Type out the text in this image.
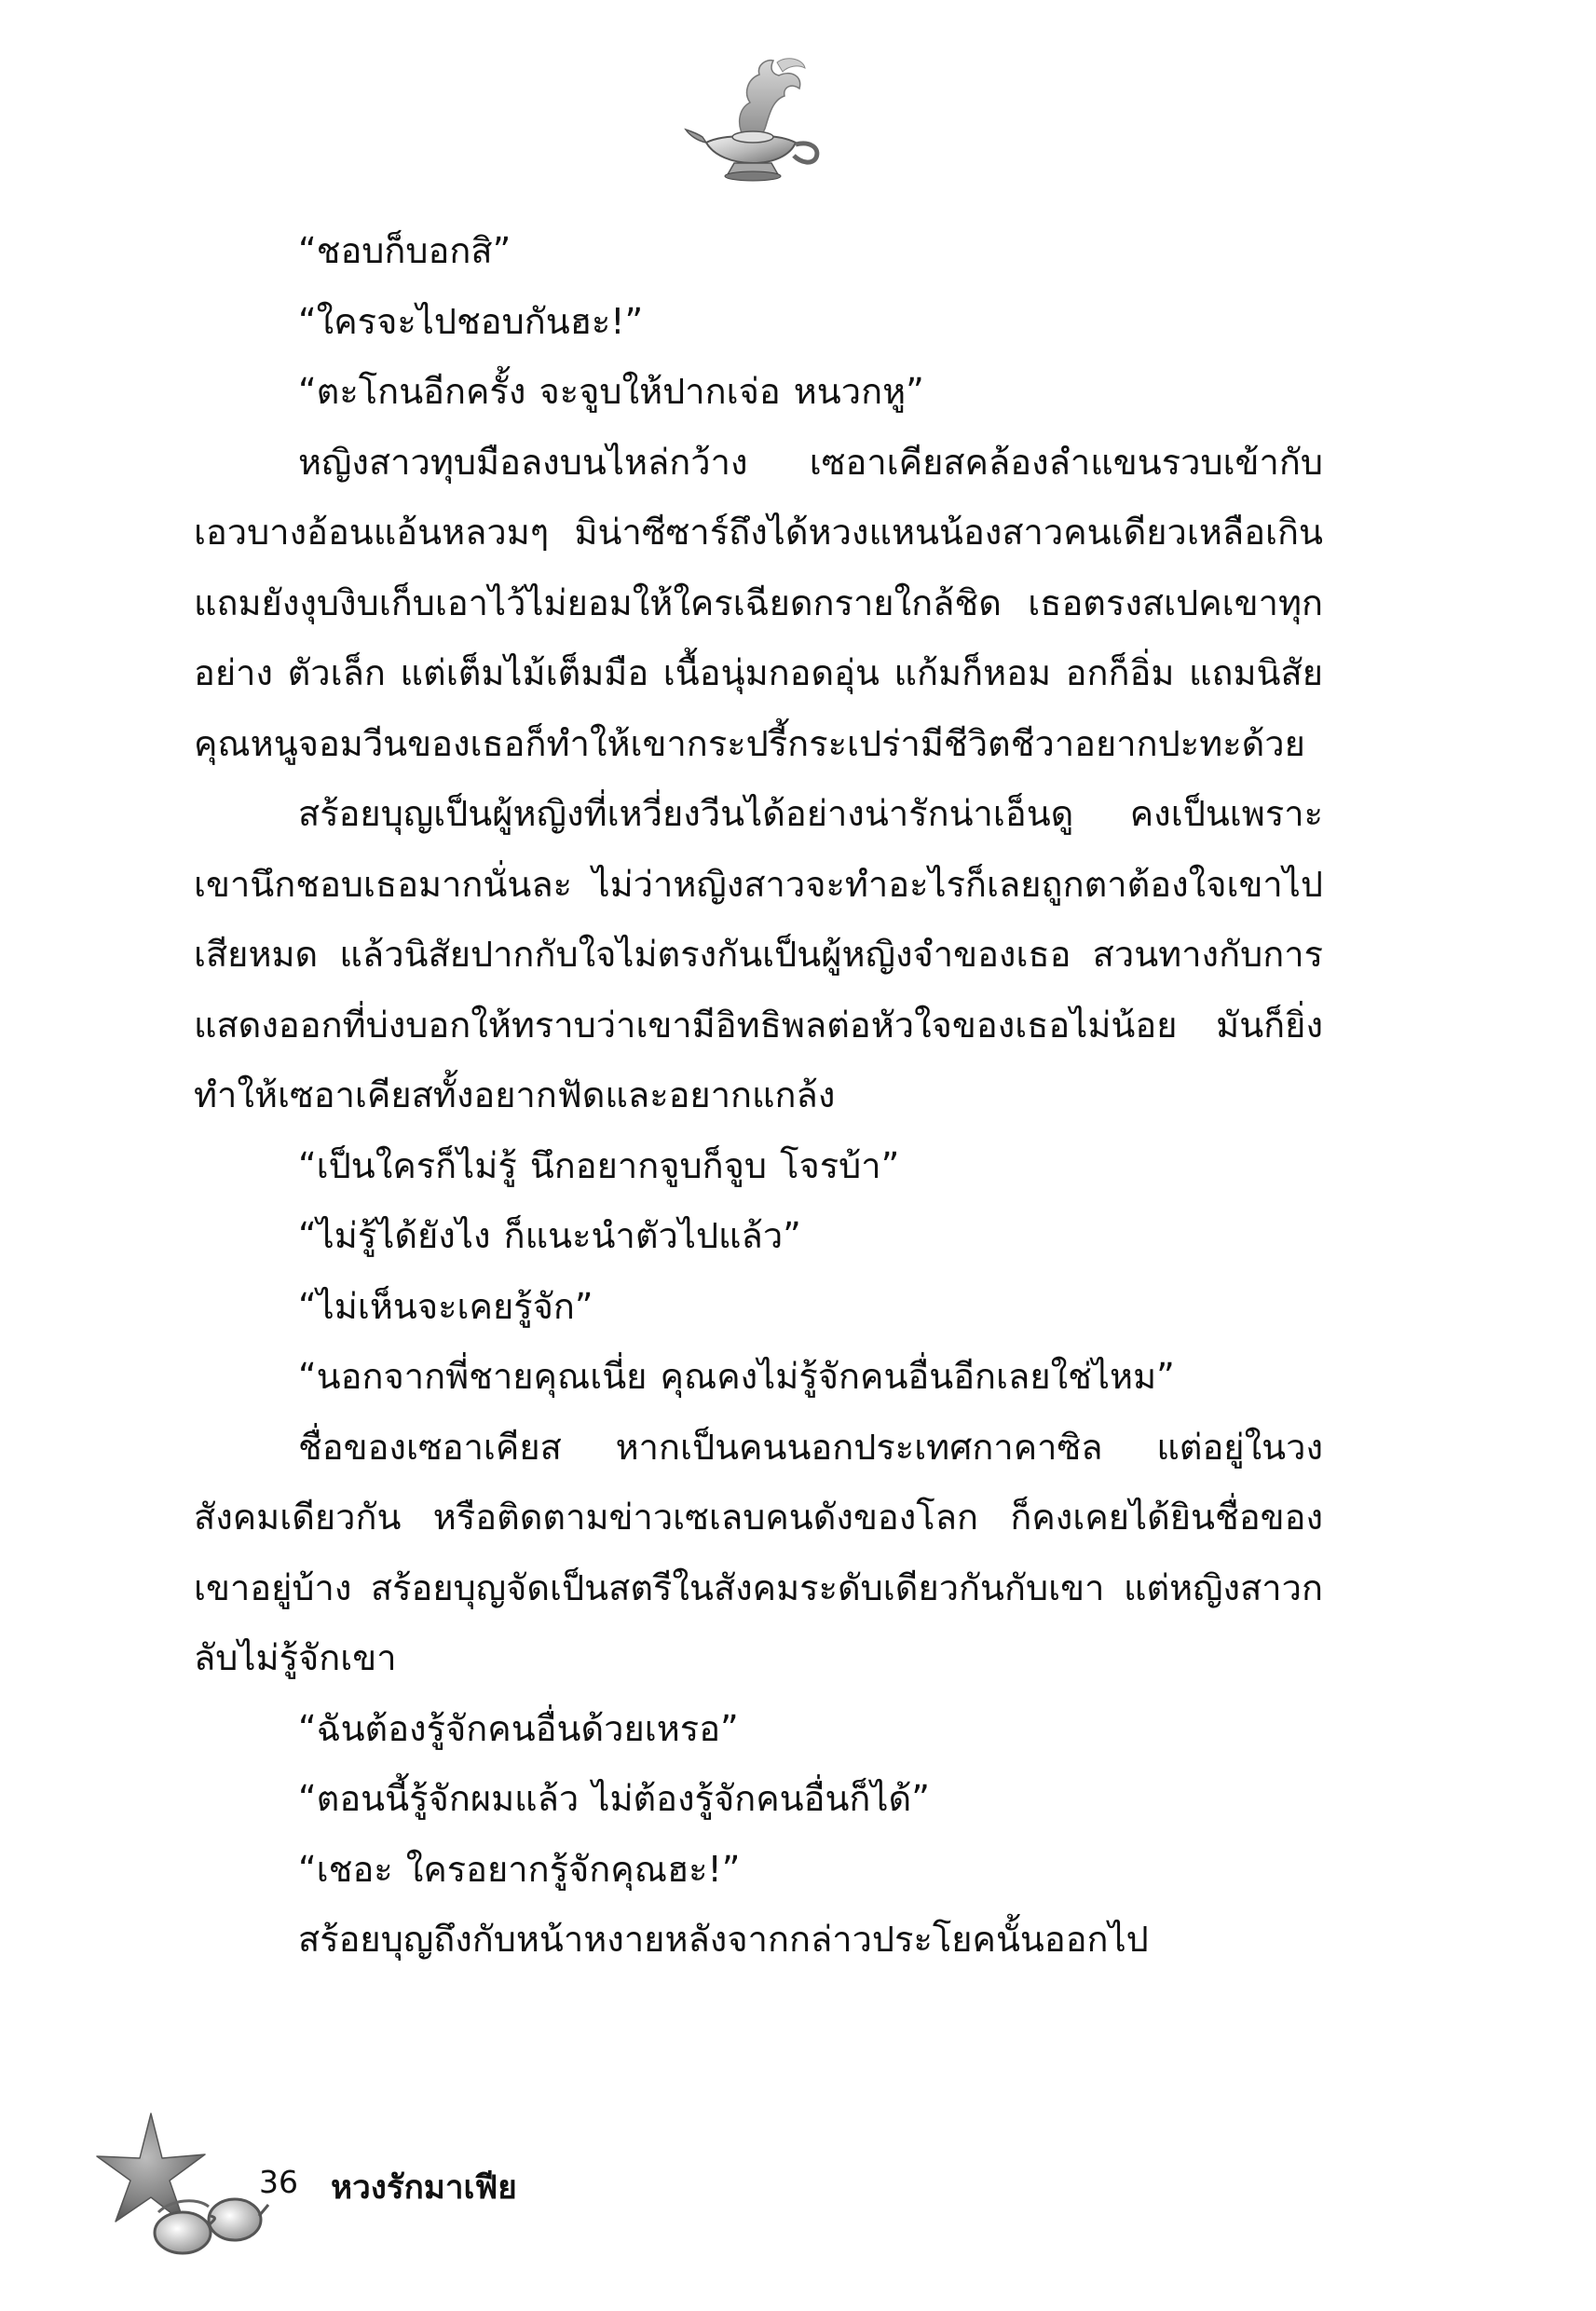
“ชอบก็บอกสิ”

“ใครจะไปชอบกันฮะ!”

“ตะโกนอีกครั้ง จะจูบให้ปากเจ่อ หนวกหู”

หญิงสาวทุบมือลงบนไหล่กว้าง เซอาเคียสคล้องลำแขนรวบเข้ากับเอวบางอ้อนแอ้นหลวมๆ มิน่าซีซาร์ถึงได้หวงแหนน้องสาวคนเดียวเหลือเกิน แถมยังงุบงิบเก็บเอาไว้ไม่ยอมให้ใครเฉียดกรายใกล้ชิด เธอตรงสเปคเขาทุกอย่าง ตัวเล็ก แต่เต็มไม้เต็มมือ เนื้อนุ่มกอดอุ่น แก้มก็หอม อกก็อิ่ม แถมนิสัยคุณหนูจอมวีนของเธอก็ทำให้เขากระปรี้กระเปร่ามีชีวิตชีวาอยากปะทะด้วย

สร้อยบุญเป็นผู้หญิงที่เหวี่ยงวีนได้อย่างน่ารักน่าเอ็นดู คงเป็นเพราะเขานึกชอบเธอมากนั่นละ ไม่ว่าหญิงสาวจะทำอะไรก็เลยถูกตาต้องใจเขาไปเสียหมด แล้วนิสัยปากกับใจไม่ตรงกันเป็นผู้หญิงจำของเธอ สวนทางกับการแสดงออกที่บ่งบอกให้ทราบว่าเขามีอิทธิพลต่อหัวใจของเธอไม่น้อย มันก็ยิ่งทำให้เซอาเคียสทั้งอยากฟัดและอยากแกล้ง

“เป็นใครก็ไม่รู้ นึกอยากจูบก็จูบ โจรบ้า”

“ไม่รู้ได้ยังไง ก็แนะนำตัวไปแล้ว”

“ไม่เห็นจะเคยรู้จัก”

“นอกจากพี่ชายคุณเนี่ย คุณคงไม่รู้จักคนอื่นอีกเลยใช่ไหม”

ชื่อของเซอาเคียส หากเป็นคนนอกประเทศกาคาซิล แต่อยู่ในวงสังคมเดียวกัน หรือติดตามข่าวเซเลบคนดังของโลก ก็คงเคยได้ยินชื่อของเขาอยู่บ้าง สร้อยบุญจัดเป็นสตรีในสังคมระดับเดียวกันกับเขา แต่หญิงสาวกลับไม่รู้จักเขา

“ฉันต้องรู้จักคนอื่นด้วยเหรอ”

“ตอนนี้รู้จักผมแล้ว ไม่ต้องรู้จักคนอื่นก็ได้”

“เชอะ ใครอยากรู้จักคุณฮะ!”

สร้อยบุญถึงกับหน้าหงายหลังจากกล่าวประโยคนั้นออกไป

36 หวงรักมาเฟีย
